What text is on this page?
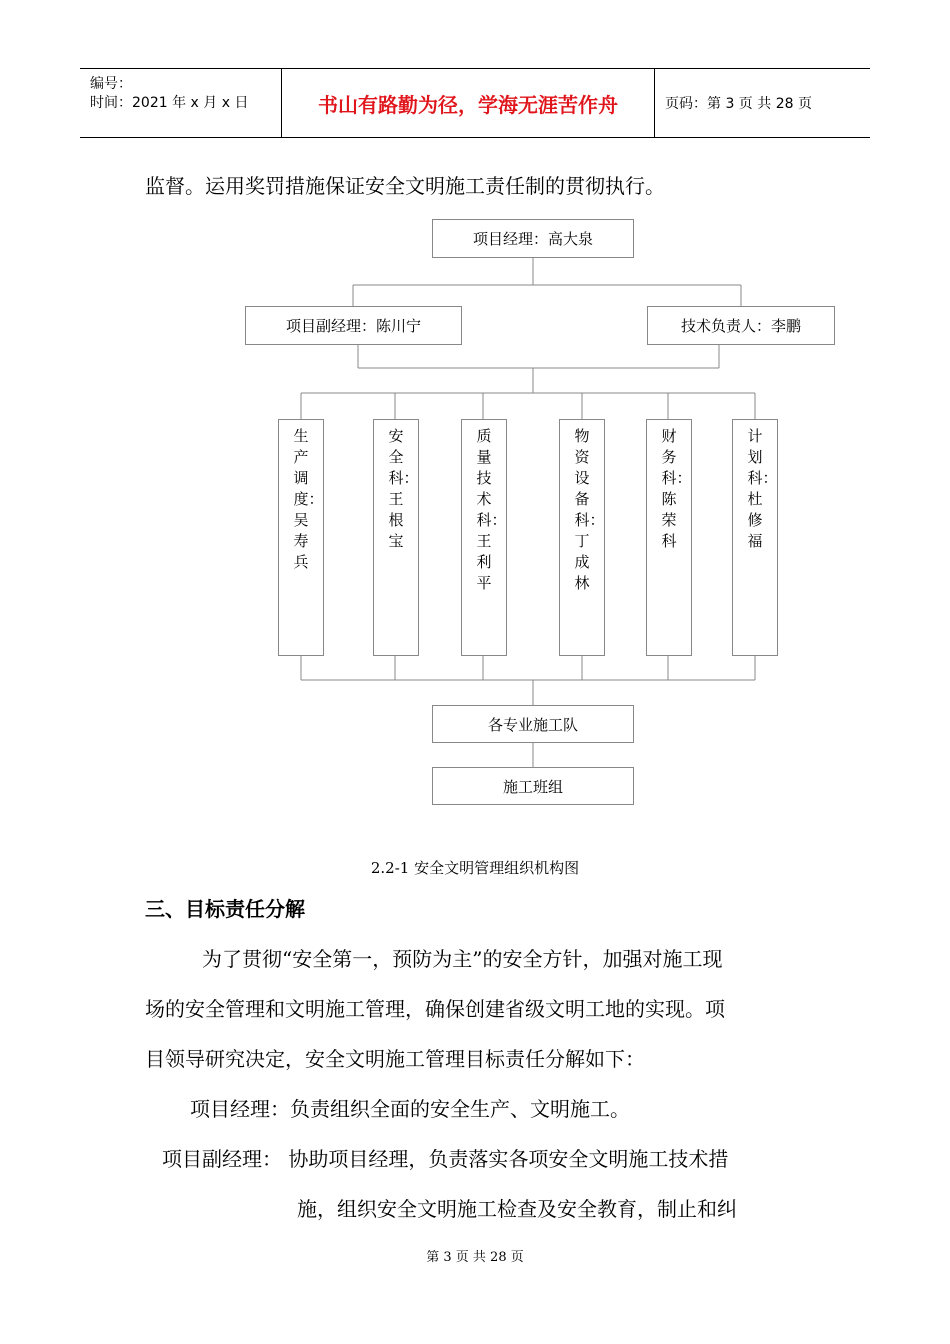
编号：
时间：2021 年 x 月 x 日	书山有路勤为径，学海无涯苦作舟	页码：第 3 页 共 28 页
监督。运用奖罚措施保证安全文明施工责任制的贯彻执行。
项目经理：高大泉
项目副经理：陈川宁	技术负责人：李鹏
生产调度：吴寿兵
安全科：王根宝
质量技术科：王利平
物资设备科：丁成林
财务科：陈荣科
计划科：杜修福
各专业施工队
施工班组
2.2-1 安全文明管理组织机构图
三、目标责任分解
为了贯彻“安全第一，预防为主”的安全方针，加强对施工现
场的安全管理和文明施工管理，确保创建省级文明工地的实现。项
目领导研究决定，安全文明施工管理目标责任分解如下：
项目经理：负责组织全面的安全生产、文明施工。
项目副经理： 协助项目经理，负责落实各项安全文明施工技术措
施，组织安全文明施工检查及安全教育，制止和纠
第 3 页 共 28 页
